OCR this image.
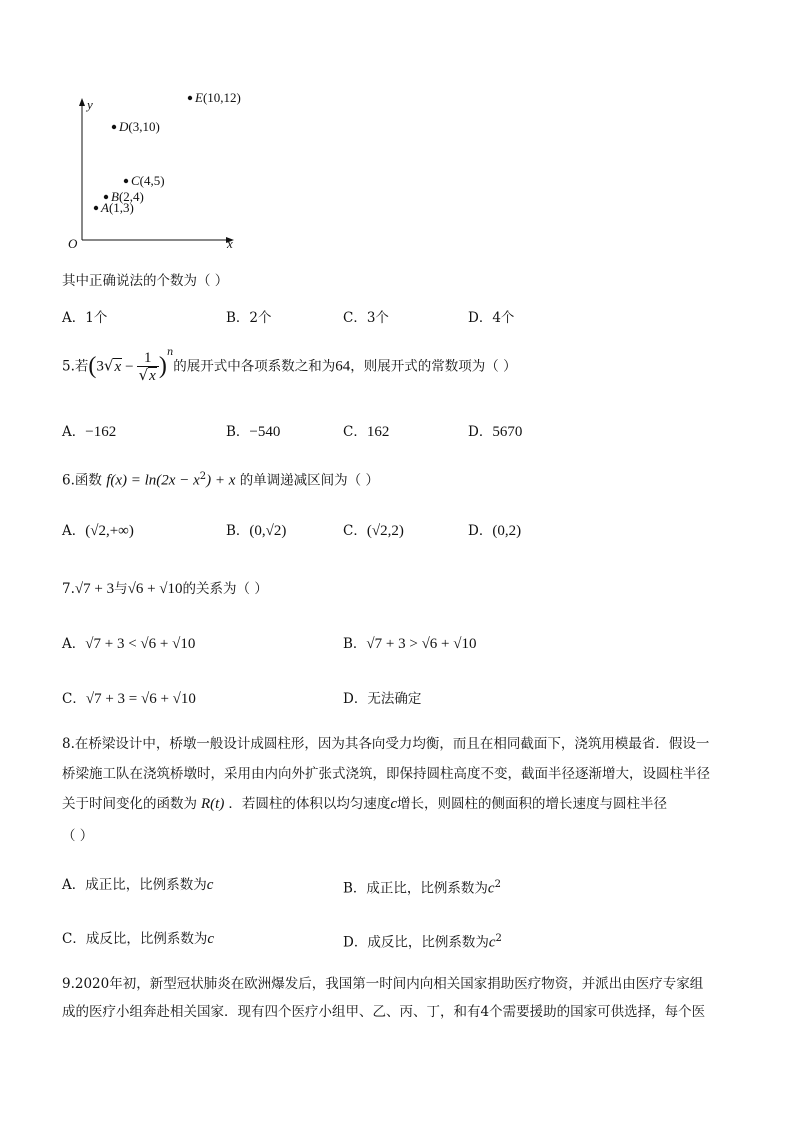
y
x
O
E(10,12)
D(3,10)
C(4,5)
B(2,4)
A(1,3)
其中正确说法的个数为（ ）
A．1个	B．2个	C．3个	D．4个
5.若$(3√x - \frac{1}{√x} )^n$的展开式中各项系数之和为64，则展开式的常数项为（ ）
A．−162	B．−540	C．162	D．5670
6.函数 $f(x) = \ln(2x - x^2) + x$ 的单调递减区间为（ ）
A．(√2,+∞)	B．(0,√2)	C．(√2,2)	D．(0,2)
7.√7 + 3与√6 + √10的关系为（ ）
A．√7 + 3 < √6 + √10	B．√7 + 3 > √6 + √10
C．√7 + 3 = √6 + √10	D．无法确定
8.在桥梁设计中，桥墩一般设计成圆柱形，因为其各向受力均衡，而且在相同截面下，浇筑用模最省．假设一
桥梁施工队在浇筑桥墩时，采用由内向外扩张式浇筑，即保持圆柱高度不变，截面半径逐渐增大，设圆柱半径
关于时间变化的函数为 R(t) ．若圆柱的体积以均匀速度c增长，则圆柱的侧面积的增长速度与圆柱半径
（ ）
A．成正比，比例系数为c	B．成正比，比例系数为$c^2$
C．成反比，比例系数为c	D．成反比，比例系数为$c^2$
9.2020年初，新型冠状肺炎在欧洲爆发后，我国第一时间内向相关国家捐助医疗物资，并派出由医疗专家组
成的医疗小组奔赴相关国家．现有四个医疗小组甲、乙、丙、丁，和有4个需要援助的国家可供选择，每个医
